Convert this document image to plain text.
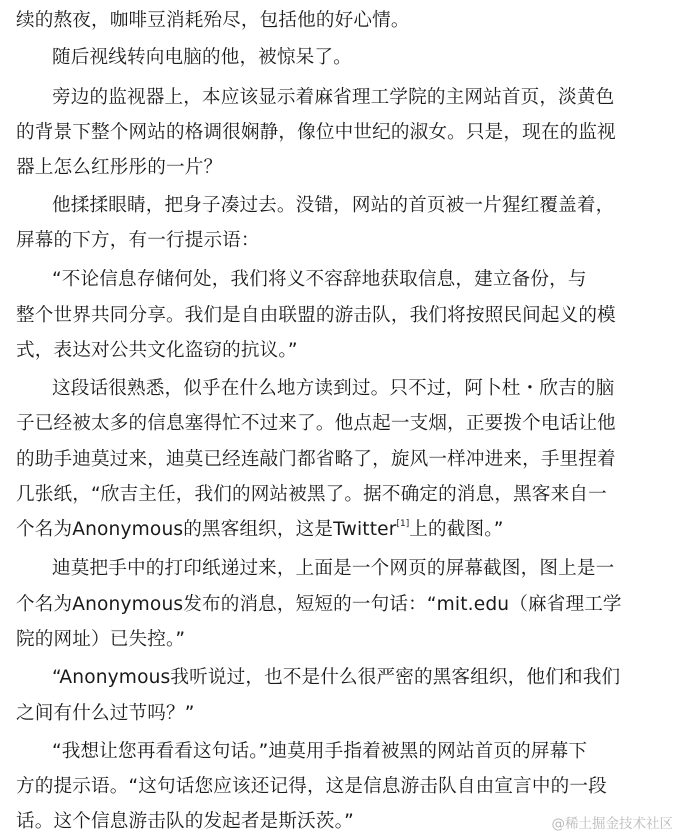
续的熬夜，咖啡豆消耗殆尽，包括他的好心情。
随后视线转向电脑的他，被惊呆了。
旁边的监视器上，本应该显示着麻省理工学院的主网站首页，淡黄色
的背景下整个网站的格调很娴静，像位中世纪的淑女。只是，现在的监视
器上怎么红彤彤的一片？
他揉揉眼睛，把身子凑过去。没错，网站的首页被一片猩红覆盖着，
屏幕的下方，有一行提示语：
“不论信息存储何处，我们将义不容辞地获取信息，建立备份，与
整个世界共同分享。我们是自由联盟的游击队，我们将按照民间起义的模
式，表达对公共文化盗窃的抗议。”
这段话很熟悉，似乎在什么地方读到过。只不过，阿卜杜・欣吉的脑
子已经被太多的信息塞得忙不过来了。他点起一支烟，正要拨个电话让他
的助手迪莫过来，迪莫已经连敲门都省略了，旋风一样冲进来，手里捏着
几张纸，“欣吉主任，我们的网站被黑了。据不确定的消息，黑客来自一
个名为Anonymous的黑客组织，这是Twitter[1]上的截图。”
迪莫把手中的打印纸递过来，上面是一个网页的屏幕截图，图上是一
个名为Anonymous发布的消息，短短的一句话：“mit.edu（麻省理工学
院的网址）已失控。”
“Anonymous我听说过，也不是什么很严密的黑客组织，他们和我们
之间有什么过节吗？”
“我想让您再看看这句话。”迪莫用手指着被黑的网站首页的屏幕下
方的提示语。“这句话您应该还记得，这是信息游击队自由宣言中的一段
话。这个信息游击队的发起者是斯沃茨。”	@稀土掘金技术社区
